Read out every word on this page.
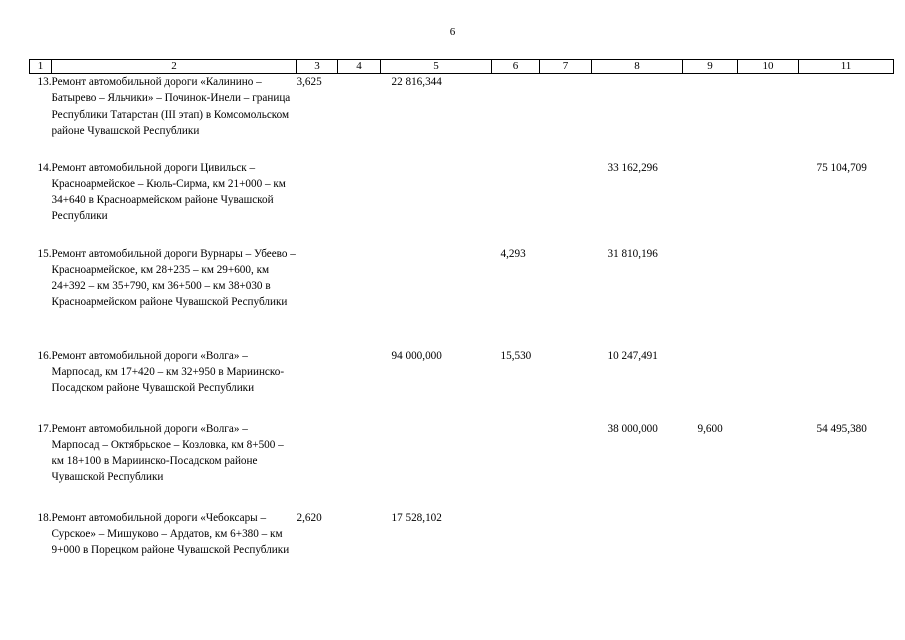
6
1	2	3	4	5	6	7	8	9	10	11
13.	Ремонт автомобильной дороги «Калинино – Батырево – Яльчики» – Починок-Инели – граница Республики Татарстан (III этап) в Комсомольском районе Чувашской Республики	3,625		22 816,344						
14.	Ремонт автомобильной дороги Цивильск – Красноармейское – Кюль-Сирма, км 21+000 – км 34+640 в Красноармейском районе Чувашской Республики						33 162,296			75 104,709
15.	Ремонт автомобильной дороги Вурнары – Убеево – Красноармейское, км 28+235 – км 29+600, км 24+392 – км 35+790, км 36+500 – км 38+030 в Красноармейском районе Чувашской Республики				4,293		31 810,196			
16.	Ремонт автомобильной дороги «Волга» – Марпосад, км 17+420 – км 32+950 в Мариинско-Посадском районе Чувашской Республики			94 000,000	15,530		10 247,491			
17.	Ремонт автомобильной дороги «Волга» – Марпосад – Октябрьское – Козловка, км 8+500 – км 18+100 в Мариинско-Посадском районе Чувашской Республики						38 000,000	9,600		54 495,380
18.	Ремонт автомобильной дороги «Чебоксары – Сурское» – Мишуково – Ардатов, км 6+380 – км 9+000 в Порецком районе Чувашской Республики	2,620		17 528,102						
